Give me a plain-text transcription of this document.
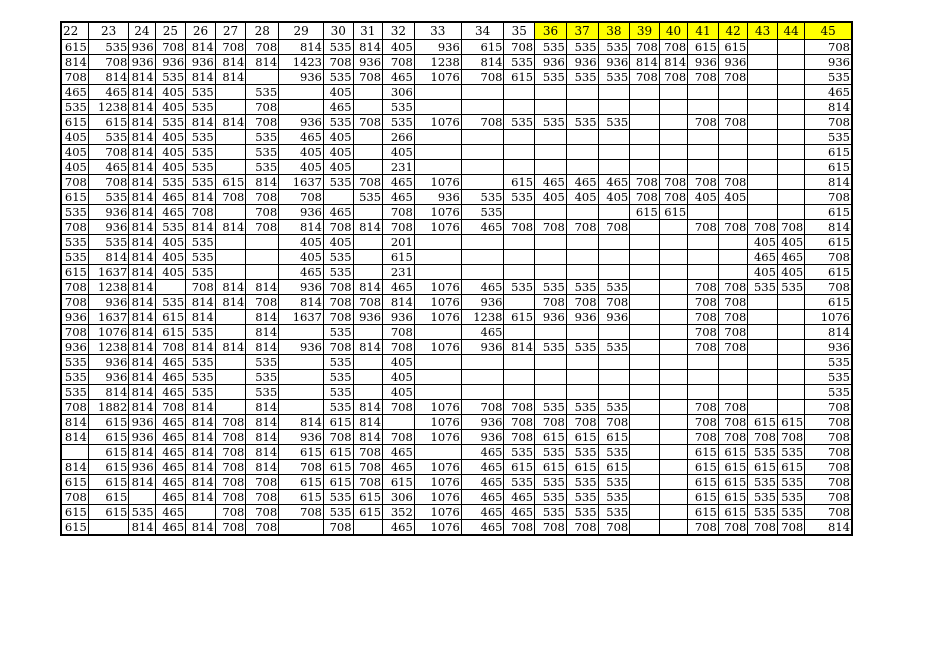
22	23	24	25	26	27	28	29	30	31	32	33	34	35	36	37	38	39	40	41	42	43	44	45
615	535	936	708	814	708	708	814	535	814	405	936	615	708	535	535	535	708	708	615	615			708
814	708	936	936	936	814	814	1423	708	936	708	1238	814	535	936	936	936	814	814	936	936			936
708	814	814	535	814	814		936	535	708	465	1076	708	615	535	535	535	708	708	708	708			535
465	465	814	405	535		535		405		306													465
535	1238	814	405	535		708		465		535													814
615	615	814	535	814	814	708	936	535	708	535	1076	708	535	535	535	535			708	708			708
405	535	814	405	535		535	465	405		266													535
405	708	814	405	535		535	405	405		405													615
405	465	814	405	535		535	405	405		231													615
708	708	814	535	535	615	814	1637	535	708	465	1076		615	465	465	465	708	708	708	708			814
615	535	814	465	814	708	708	708		535	465	936	535	535	405	405	405	708	708	405	405			708
535	936	814	465	708		708	936	465		708	1076	535					615	615					615
708	936	814	535	814	814	708	814	708	814	708	1076	465	708	708	708	708			708	708	708	708	814
535	535	814	405	535			405	405		201											405	405	615
535	814	814	405	535			405	535		615											465	465	708
615	1637	814	405	535			465	535		231											405	405	615
708	1238	814		708	814	814	936	708	814	465	1076	465	535	535	535	535			708	708	535	535	708
708	936	814	535	814	814	708	814	708	708	814	1076	936		708	708	708			708	708			615
936	1637	814	615	814		814	1637	708	936	936	1076	1238	615	936	936	936			708	708			1076
708	1076	814	615	535		814		535		708		465							708	708			814
936	1238	814	708	814	814	814	936	708	814	708	1076	936	814	535	535	535			708	708			936
535	936	814	465	535		535		535		405													535
535	936	814	465	535		535		535		405													535
535	814	814	465	535		535		535		405													535
708	1882	814	708	814		814		535	814	708	1076	708	708	535	535	535			708	708			708
814	615	936	465	814	708	814	814	615	814		1076	936	708	708	708	708			708	708	615	615	708
814	615	936	465	814	708	814	936	708	814	708	1076	936	708	615	615	615			708	708	708	708	708
	615	814	465	814	708	814	615	615	708	465		465	535	535	535	535			615	615	535	535	708
814	615	936	465	814	708	814	708	615	708	465	1076	465	615	615	615	615			615	615	615	615	708
615	615	814	465	814	708	708	615	615	708	615	1076	465	535	535	535	535			615	615	535	535	708
708	615		465	814	708	708	615	535	615	306	1076	465	465	535	535	535			615	615	535	535	708
615	615	535	465		708	708	708	535	615	352	1076	465	465	535	535	535			615	615	535	535	708
615		814	465	814	708	708		708		465	1076	465	708	708	708	708			708	708	708	708	814
